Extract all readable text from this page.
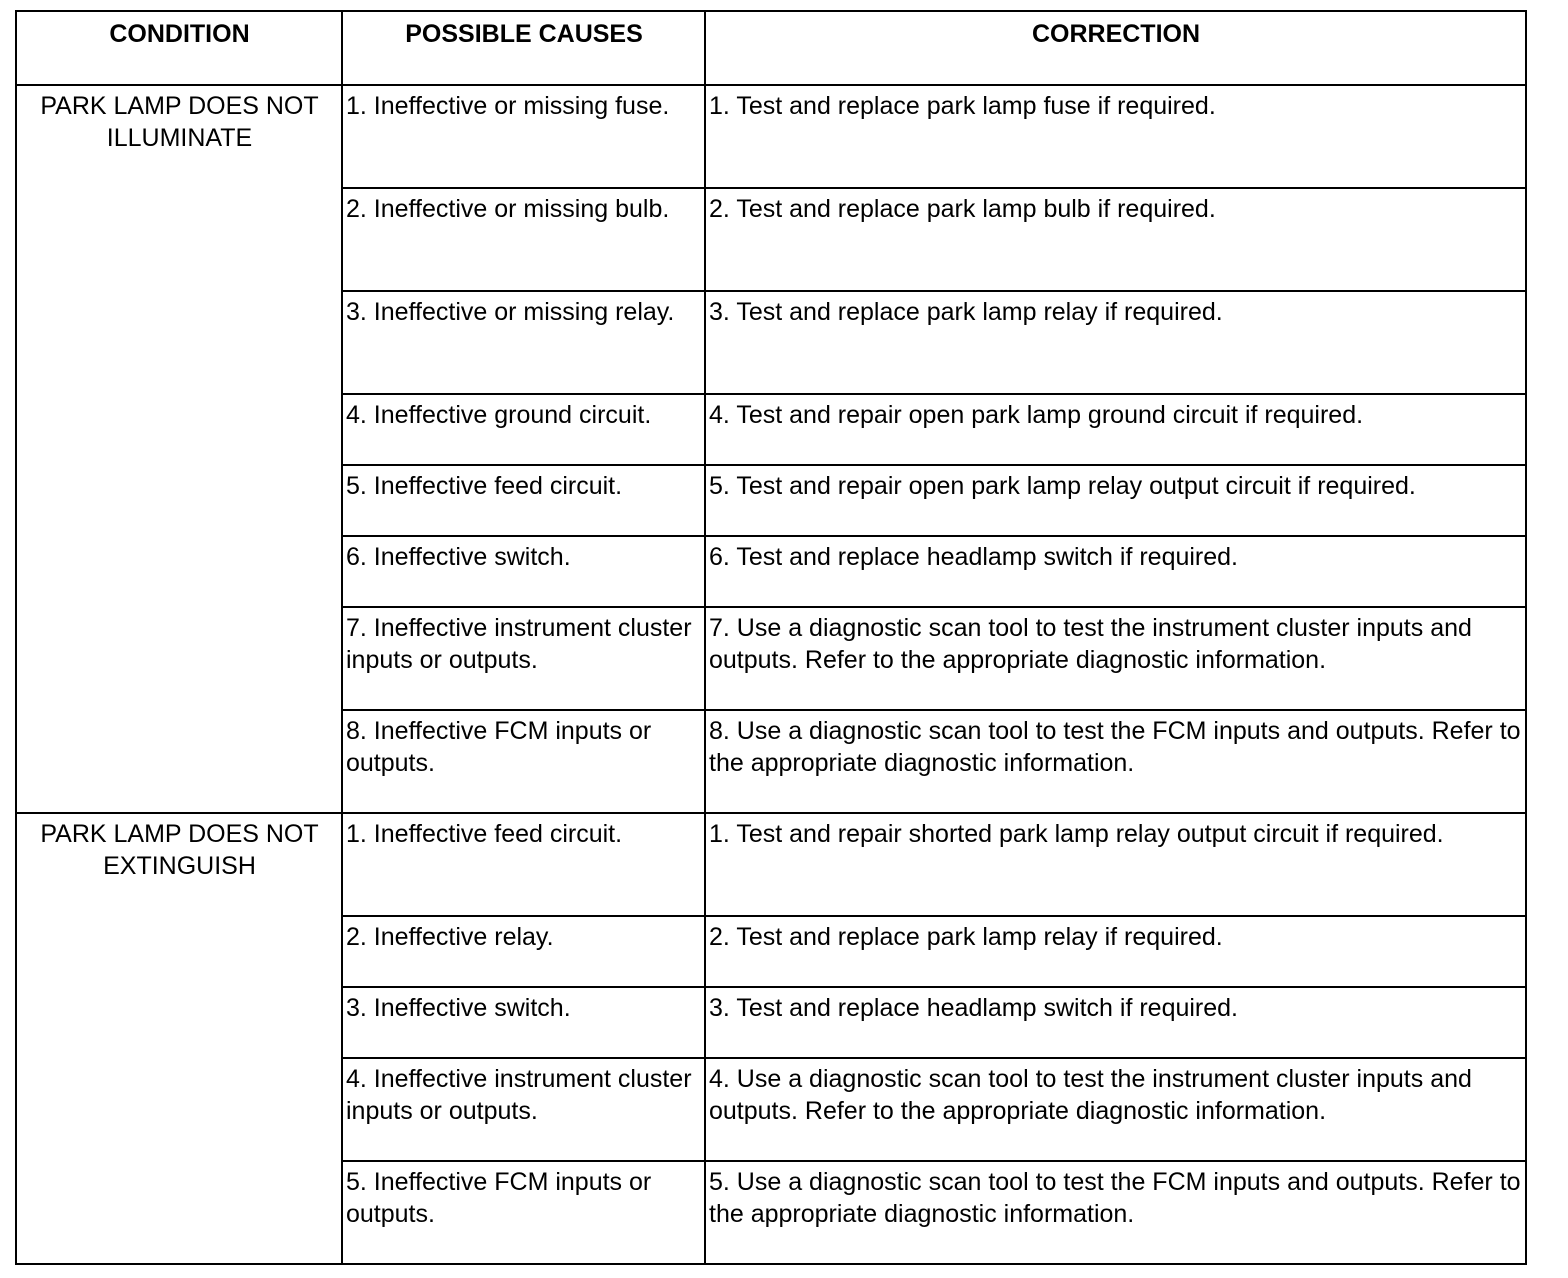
CONDITION	POSSIBLE CAUSES	CORRECTION
PARK LAMP DOES NOT ILLUMINATE	1. Ineffective or missing fuse.	1. Test and replace park lamp fuse if required.
	2. Ineffective or missing bulb.	2. Test and replace park lamp bulb if required.
	3. Ineffective or missing relay.	3. Test and replace park lamp relay if required.
	4. Ineffective ground circuit.	4. Test and repair open park lamp ground circuit if required.
	5. Ineffective feed circuit.	5. Test and repair open park lamp relay output circuit if required.
	6. Ineffective switch.	6. Test and replace headlamp switch if required.
	7. Ineffective instrument cluster inputs or outputs.	7. Use a diagnostic scan tool to test the instrument cluster inputs and outputs. Refer to the appropriate diagnostic information.
	8. Ineffective FCM inputs or outputs.	8. Use a diagnostic scan tool to test the FCM inputs and outputs. Refer to the appropriate diagnostic information.
PARK LAMP DOES NOT EXTINGUISH	1. Ineffective feed circuit.	1. Test and repair shorted park lamp relay output circuit if required.
	2. Ineffective relay.	2. Test and replace park lamp relay if required.
	3. Ineffective switch.	3. Test and replace headlamp switch if required.
	4. Ineffective instrument cluster inputs or outputs.	4. Use a diagnostic scan tool to test the instrument cluster inputs and outputs. Refer to the appropriate diagnostic information.
	5. Ineffective FCM inputs or outputs.	5. Use a diagnostic scan tool to test the FCM inputs and outputs. Refer to the appropriate diagnostic information.
